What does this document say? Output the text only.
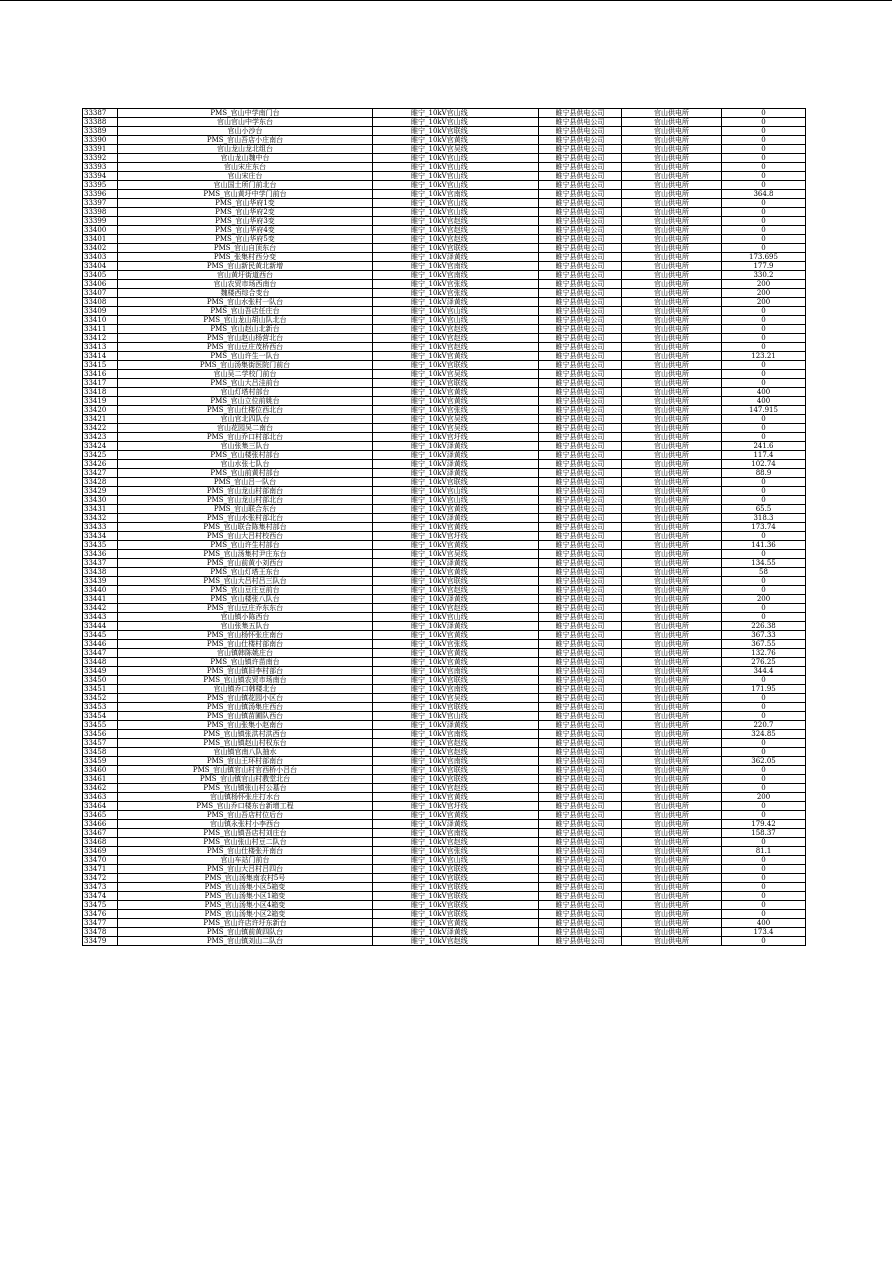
33387	PMS_官山中学南门台	睢宁_10kV官山线	睢宁县供电公司	官山供电所	0
33388	官山官山中学东台	睢宁_10kV官山线	睢宁县供电公司	官山供电所	0
33389	官山小沙台	睢宁_10kV官联线	睢宁县供电公司	官山供电所	0
33390	PMS_官山吾店小庄南台	睢宁_10kV官黄线	睢宁县供电公司	官山供电所	0
33391	官山龙山龙北组台	睢宁_10kV官吴线	睢宁县供电公司	官山供电所	0
33392	官山龙山魏中台	睢宁_10kV官山线	睢宁县供电公司	官山供电所	0
33393	官山宋庄东台	睢宁_10kV官山线	睢宁县供电公司	官山供电所	0
33394	官山宋庄台	睢宁_10kV官山线	睢宁县供电公司	官山供电所	0
33395	官山国土所门前北台	睢宁_10kV官山线	睢宁县供电公司	官山供电所	0
33396	PMS_官山黄圩中学门前台	睢宁_10kV官南线	睢宁县供电公司	官山供电所	364.8
33397	PMS_官山华府1变	睢宁_10kV官山线	睢宁县供电公司	官山供电所	0
33398	PMS_官山华府2变	睢宁_10kV官山线	睢宁县供电公司	官山供电所	0
33399	PMS_官山华府3变	睢宁_10kV官赵线	睢宁县供电公司	官山供电所	0
33400	PMS_官山华府4变	睢宁_10kV官赵线	睢宁县供电公司	官山供电所	0
33401	PMS_官山华府5变	睢宁_10kV官赵线	睢宁县供电公司	官山供电所	0
33402	PMS_官山自顶东台	睢宁_10kV官联线	睢宁县供电公司	官山供电所	0
33403	PMS_张集村西分变	睢宁_10kV泽黄线	睢宁县供电公司	官山供电所	173.695
33404	PMS_官山新民黄北新增	睢宁_10kV官南线	睢宁县供电公司	官山供电所	177.9
33405	官山黄圩街道西台	睢宁_10kV官南线	睢宁县供电公司	官山供电所	330.2
33406	官山农贸市场西南台	睢宁_10kV官张线	睢宁县供电公司	官山供电所	200
33407	魏楼西综合变台	睢宁_10kV官张线	睢宁县供电公司	官山供电所	200
33408	PMS_官山水张村一队台	睢宁_10kV泽黄线	睢宁县供电公司	官山供电所	200
33409	PMS_官山吾店任庄台	睢宁_10kV官山线	睢宁县供电公司	官山供电所	0
33410	PMS_官山龙山胡山队北台	睢宁_10kV官山线	睢宁县供电公司	官山供电所	0
33411	PMS_官山赵山北新台	睢宁_10kV官赵线	睢宁县供电公司	官山供电所	0
33412	PMS_官山赵山杨营北台	睢宁_10kV官赵线	睢宁县供电公司	官山供电所	0
33413	PMS_官山豆庄茂桥西台	睢宁_10kV官赵线	睢宁县供电公司	官山供电所	0
33414	PMS_官山许生一队台	睢宁_10kV官黄线	睢宁县供电公司	官山供电所	123.21
33415	PMS_官山汤集街医院门前台	睢宁_10kV官联线	睢宁县供电公司	官山供电所	0
33416	官山吴二学校门前台	睢宁_10kV官吴线	睢宁县供电公司	官山供电所	0
33417	PMS_官山大吕洼前台	睢宁_10kV官联线	睢宁县供电公司	官山供电所	0
33418	官山灯塔村部台	睢宁_10kV官黄线	睢宁县供电公司	官山供电所	400
33419	PMS_官山立位前姚台	睢宁_10kV官黄线	睢宁县供电公司	官山供电所	400
33420	PMS_官山仕楼位西北台	睢宁_10kV官张线	睢宁县供电公司	官山供电所	147.915
33421	官山官北四队台	睢宁_10kV官吴线	睢宁县供电公司	官山供电所	0
33422	官山花园吴二南台	睢宁_10kV官吴线	睢宁县供电公司	官山供电所	0
33423	PMS_官山乔口村部北台	睢宁_10kV官圩线	睢宁县供电公司	官山供电所	0
33424	官山张集三队台	睢宁_10kV泽黄线	睢宁县供电公司	官山供电所	241.6
33425	PMS_官山楼张村部台	睢宁_10kV泽黄线	睢宁县供电公司	官山供电所	117.4
33426	官山水张七队台	睢宁_10kV泽黄线	睢宁县供电公司	官山供电所	102.74
33427	PMS_官山前黄村部台	睢宁_10kV泽黄线	睢宁县供电公司	官山供电所	88.9
33428	PMS_官山吕一队台	睢宁_10kV官联线	睢宁县供电公司	官山供电所	0
33429	PMS_官山龙山村部南台	睢宁_10kV官山线	睢宁县供电公司	官山供电所	0
33430	PMS_官山龙山村部北台	睢宁_10kV官山线	睢宁县供电公司	官山供电所	0
33431	PMS_官山联合东台	睢宁_10kV官黄线	睢宁县供电公司	官山供电所	65.5
33432	PMS_官山水张村部北台	睢宁_10kV泽黄线	睢宁县供电公司	官山供电所	318.3
33433	PMS_官山联合陈集村部台	睢宁_10kV官黄线	睢宁县供电公司	官山供电所	173.74
33434	PMS_官山大吕村校西台	睢宁_10kV官圩线	睢宁县供电公司	官山供电所	0
33435	PMS_官山许生村部台	睢宁_10kV官黄线	睢宁县供电公司	官山供电所	141.36
33436	PMS_官山汤集村尹庄东台	睢宁_10kV官吴线	睢宁县供电公司	官山供电所	0
33437	PMS_官山前黄小刘西台	睢宁_10kV泽黄线	睢宁县供电公司	官山供电所	134.55
33438	PMS_官山灯塔王东台	睢宁_10kV官黄线	睢宁县供电公司	官山供电所	58
33439	PMS_官山大吕村吕三队台	睢宁_10kV官联线	睢宁县供电公司	官山供电所	0
33440	PMS_官山豆庄豆前台	睢宁_10kV官赵线	睢宁县供电公司	官山供电所	0
33441	PMS_官山楼张八队台	睢宁_10kV泽黄线	睢宁县供电公司	官山供电所	200
33442	PMS_官山豆庄乔东东台	睢宁_10kV官赵线	睢宁县供电公司	官山供电所	0
33443	官山镇小陈西台	睢宁_10kV官山线	睢宁县供电公司	官山供电所	0
33444	官山张集五队台	睢宁_10kV泽黄线	睢宁县供电公司	官山供电所	226.38
33445	PMS_官山杨怀张庄南台	睢宁_10kV官黄线	睢宁县供电公司	官山供电所	367.33
33446	PMS_官山仕楼村部南台	睢宁_10kV官张线	睢宁县供电公司	官山供电所	367.55
33447	官山镇韩陈姚庄台	睢宁_10kV官黄线	睢宁县供电公司	官山供电所	132.76
33448	PMS_官山镇许苗南台	睢宁_10kV官黄线	睢宁县供电公司	官山供电所	276.25
33449	PMS_官山镇旧李村部台	睢宁_10kV官南线	睢宁县供电公司	官山供电所	344.4
33450	PMS_官山镇农贸市场南台	睢宁_10kV官联线	睢宁县供电公司	官山供电所	0
33451	官山镇乔口韩楼北台	睢宁_10kV官南线	睢宁县供电公司	官山供电所	171.95
33452	PMS_官山镇花园小区台	睢宁_10kV官吴线	睢宁县供电公司	官山供电所	0
33453	PMS_官山镇汤集庄西台	睢宁_10kV官联线	睢宁县供电公司	官山供电所	0
33454	PMS_官山镇苗圃队西台	睢宁_10kV官山线	睢宁县供电公司	官山供电所	0
33455	PMS_官山张集小赵南台	睢宁_10kV泽黄线	睢宁县供电公司	官山供电所	220.7
33456	PMS_官山镇张洪村洪西台	睢宁_10kV官南线	睢宁县供电公司	官山供电所	324.85
33457	PMS_官山镇赵山村权东台	睢宁_10kV官赵线	睢宁县供电公司	官山供电所	0
33458	官山镇官南八队抽水	睢宁_10kV官赵线	睢宁县供电公司	官山供电所	0
33459	PMS_官山王环村部南台	睢宁_10kV官南线	睢宁县供电公司	官山供电所	362.05
33460	PMS_官山镇官山村官西桥小吕台	睢宁_10kV官联线	睢宁县供电公司	官山供电所	0
33461	PMS_官山镇官山村教堂北台	睢宁_10kV官联线	睢宁县供电公司	官山供电所	0
33462	PMS_官山镇张山村公墓台	睢宁_10kV官赵线	睢宁县供电公司	官山供电所	0
33463	官山镇杨怀张庄打水台	睢宁_10kV官黄线	睢宁县供电公司	官山供电所	200
33464	PMS_官山乔口楼东台新增工程	睢宁_10kV官圩线	睢宁县供电公司	官山供电所	0
33465	PMS_官山吾店村位后台	睢宁_10kV官黄线	睢宁县供电公司	官山供电所	0
33466	官山镇永张村小李西台	睢宁_10kV泽黄线	睢宁县供电公司	官山供电所	179.42
33467	PMS_官山镇吾店村刘庄台	睢宁_10kV官南线	睢宁县供电公司	官山供电所	158.37
33468	PMS_官山张山村豆二队台	睢宁_10kV官赵线	睢宁县供电公司	官山供电所	0
33469	PMS_官山仕楼张开南台	睢宁_10kV官张线	睢宁县供电公司	官山供电所	81.1
33470	官山车站门前台	睢宁_10kV官山线	睢宁县供电公司	官山供电所	0
33471	PMS_官山大吕村吕四台	睢宁_10kV官联线	睢宁县供电公司	官山供电所	0
33472	PMS_官山汤集南农村5号	睢宁_10kV官联线	睢宁县供电公司	官山供电所	0
33473	PMS_官山汤集小区5箱变	睢宁_10kV官联线	睢宁县供电公司	官山供电所	0
33474	PMS_官山汤集小区1箱变	睢宁_10kV官联线	睢宁县供电公司	官山供电所	0
33475	PMS_官山汤集小区4箱变	睢宁_10kV官联线	睢宁县供电公司	官山供电所	0
33476	PMS_官山汤集小区2箱变	睢宁_10kV官联线	睢宁县供电公司	官山供电所	0
33477	PMS_官山许店许圩东新台	睢宁_10kV官黄线	睢宁县供电公司	官山供电所	400
33478	PMS_官山镇前黄四队台	睢宁_10kV泽黄线	睢宁县供电公司	官山供电所	173.4
33479	PMS_官山镇刘山二队台	睢宁_10kV官赵线	睢宁县供电公司	官山供电所	0
